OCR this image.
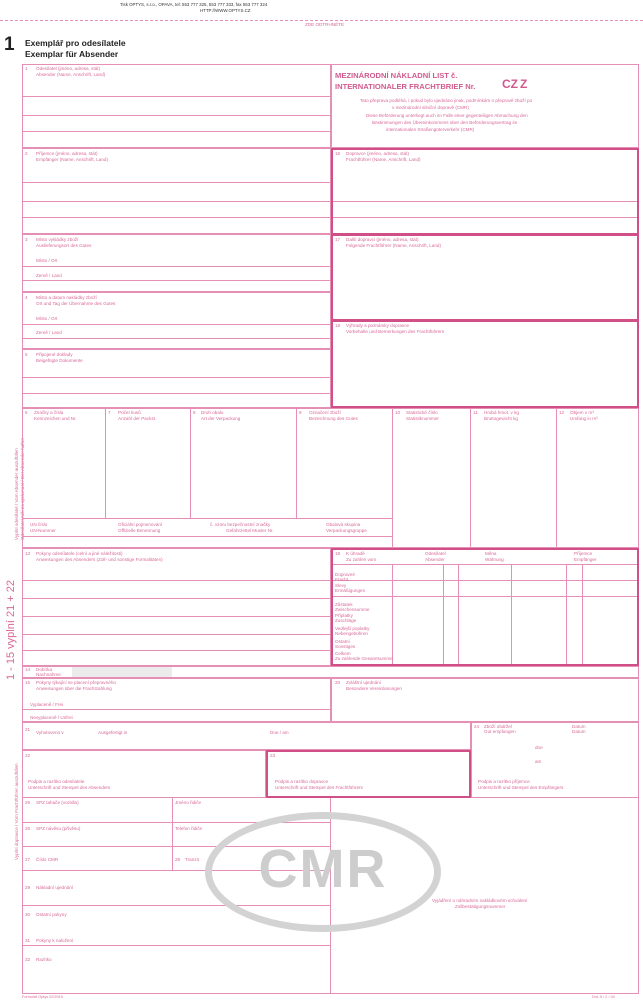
Tisk OPTYS, s.r.o., OPAVA, tel: 553 777 325, 553 777 333, fax 553 777 324
HTTP://WWW.OPTYS.CZ
ZDE ODTRHNĚTE
1 Exemplář pro odesílatele
Exemplar für Absender
1 - 15 vyplní 21 + 22
Vyplní odesílatel / Vom Absender auszufüllen Odesílatel ručí za správnost / Der Absender haftet
Vyplní dopravce / Vom Frachtführer auszufüllen
1 Odesílatel (jméno, adresa, stát)
Absender (Name, Anschrift, Land)	MEZINÁRODNÍ NÁKLADNÍ LIST č.
INTERNATIONALER FRACHTBRIEF Nr. CZ Z
Tato přeprava podléhá, i pokud bylo ujednáno jinak, podmínkám o přepravě zboží po
v mezinárodní silniční dopravě (CMR)
Diese Beförderung unterliegt auch im Falle einer gegenteiligen Abmachung den
Bestimmungen des Übereinkommens über den Beförderungsvertrag im
internationalen Straßengüterverkehr (CMR)
2 Příjemce (jméno, adresa, stát)
Empfänger (Name, Anschrift, Land)
16 Dopravce (jméno, adresa, stát)
Frachtführer (Name, Anschrift, Land)
3 Místo vykládky zboží
Auslieferungsort des Gutes
Místo / Ort
Země / Land
17 Další dopravci (jméno, adresa, stát)
Folgende Frachtführer (Name, Anschrift, Land)
4 Místo a datum nakládky zboží
Ort und Tag der Übernahme des Gutes
Místo / Ort
Země / Land
18 Výhrady a poznámky dopravce
Vorbehalte und Bemerkungen des Frachtführers
5 Připojené doklady
Beigefügte Dokumente
6 Značky a čísla
Kennzeichen und Nr.
7 Počet kusů
Anzahl der Packst.
8 Druh obalu
Art der Verpackung
9 Označení zboží
Bezeichnung des Gutes
10 Statistické číslo
Statistiknummer
11 Hrubá hmot. v kg
Bruttogewicht kg
12 Objem v m³
Umfang in m³
UN číslo
UN-Nummer
Oficiální pojmenování
Offizielle Benennung
č. vzoru bezpečnostní značky
Gefahrzettel Muster Nr.
Obalová skupina
Verpackungsgruppe
13 Pokyny odesílatele (celní a jiné náležitosti)
Anweisungen des Absenders (Zoll- und sonstige Formalitäten)
19 K úhradě
Zu zahlen vom
Odesílatel
Absender
Měna
Währung
Příjemce
Empfänger
Dopravné
Fracht
Slevy
Ermäßigungen
Zůstatek
Zwischensumme
Příplatky
Zuschläge
Vedlejší poplatky
Nebengebühren
Ostatní
Sonstiges
Celkem
Zu zahlende Gesamtsumme
14 Dobírka
Nachnahme
15 Pokyny týkající se placení přepravného
Anweisungen über die Frachtzahlung
Vyplaceně / Frei
Nevyplaceně / Unfrei
20 Zvláštní ujednání
Besondere Vereinbarungen
21
Vyhotoveno v	Ausgefertigt in	Dne / am
24 Zboží obdržel
Gut empfangen
Datum
Datum
dne
am
Podpis a razítko příjemce
Unterschrift und Stempel des Empfängers
22
Podpis a razítko odesílatele
Unterschrift und Stempel des Absenders
23
Podpis a razítko dopravce
Unterschrift und Stempel des Frachtführers
25 SPZ tahače (vozidla)	Jméno řidiče
26 SPZ návěsu (přívěsu)	Telefon řidiče
27 Číslo CMR	28 Tranzit
29 Nákladní ujednání
30 Ostatní pokyny
31 Pokyny k naložení
32 Razítko
Vyjádření o náhradním nakládkovém schválení
Zollbestätigungsnummer
CMR
Formulář Optys 02/2015	Dot. 5 / 2 / 04
